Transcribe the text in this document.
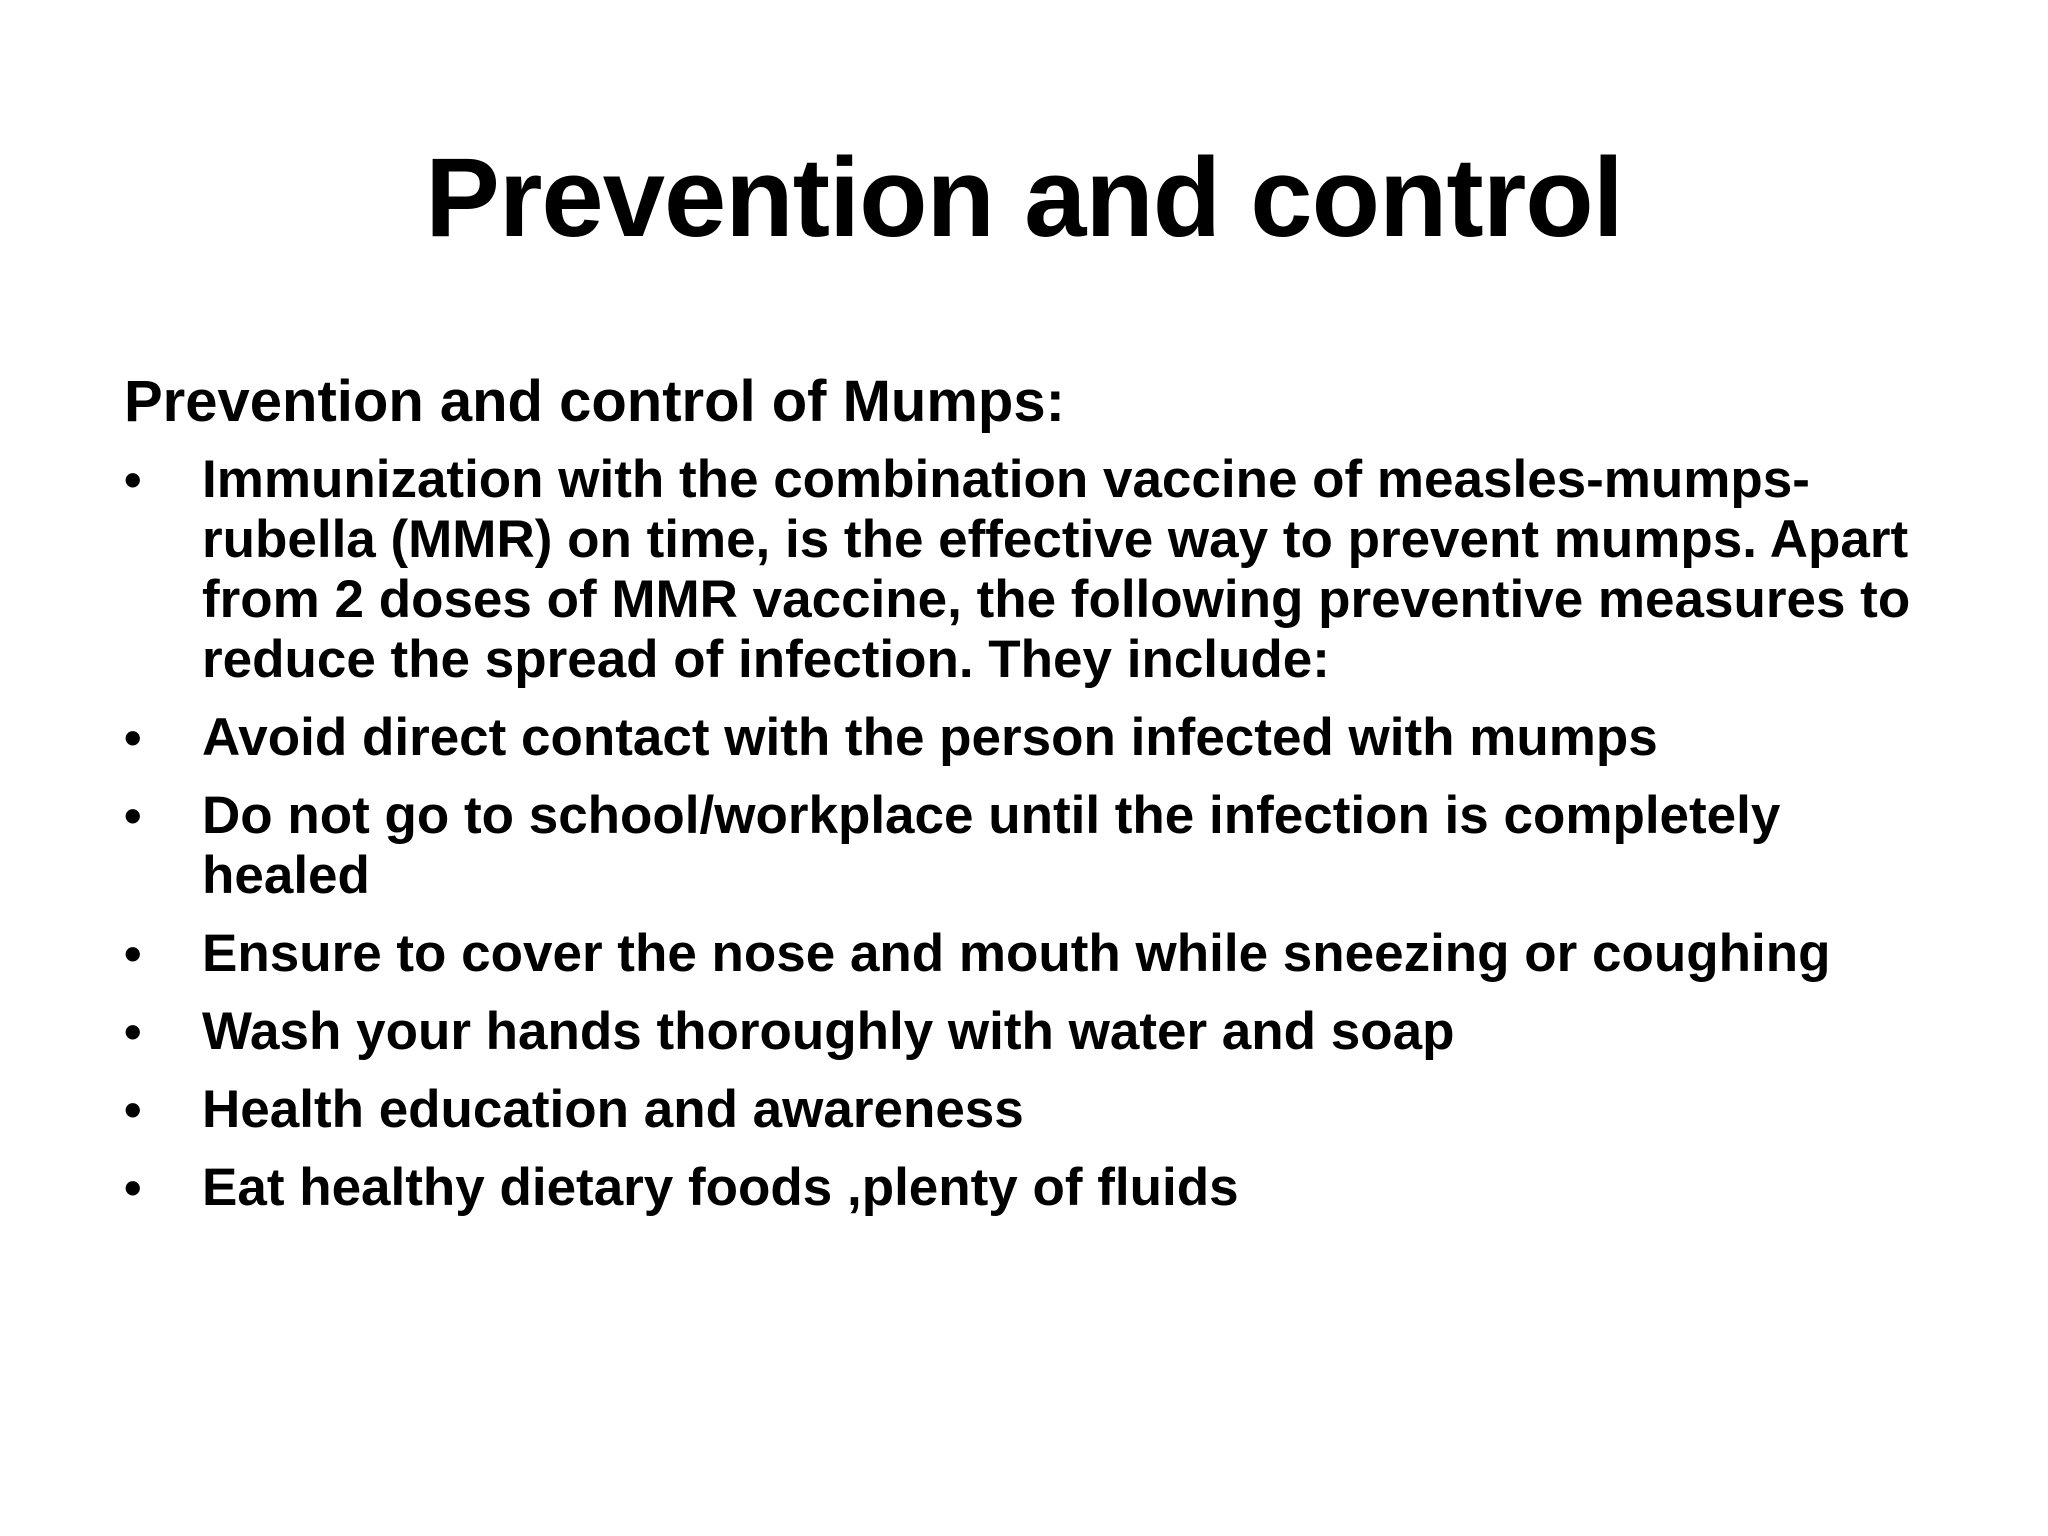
Prevention and control
Prevention and control of Mumps:
•	Immunization with the combination vaccine of measles-mumps-rubella (MMR) on time, is the effective way to prevent mumps. Apart from 2 doses of MMR vaccine, the following preventive measures to reduce the spread of infection. They include:
•	Avoid direct contact with the person infected with mumps
•	Do not go to school/workplace until the infection is completely healed
•	Ensure to cover the nose and mouth while sneezing or coughing
•	Wash your hands thoroughly with water and soap
•	Health education and awareness
•	Eat healthy dietary foods ,plenty of fluids
